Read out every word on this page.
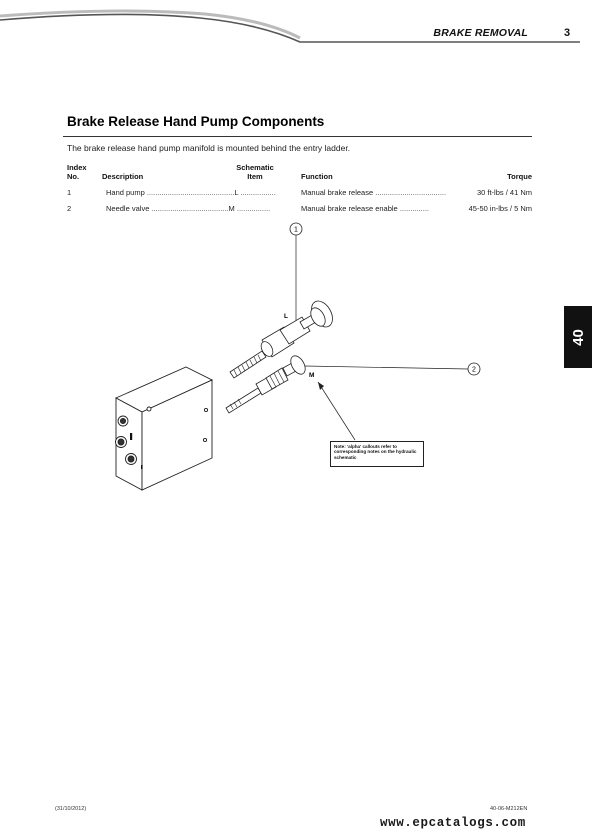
BRAKE REMOVAL	3
40
Brake Release Hand Pump Components
The brake release hand pump manifold is mounted behind the entry ladder.
Index
No.	Description
Schematic
Item	Function	Torque
1	Hand pump ..........................................L .................	Manual brake release ..................................	30 ft-lbs / 41 Nm
2	Needle valve .....................................M ................	Manual brake release enable ..............	45-50 in-lbs / 5 Nm
1
2
L
M
Note: 'alpha' callouts refer to corresponding notes on the hydraulic schematic
(31/10/2012)	40-06-M212EN
www.epcatalogs.com
